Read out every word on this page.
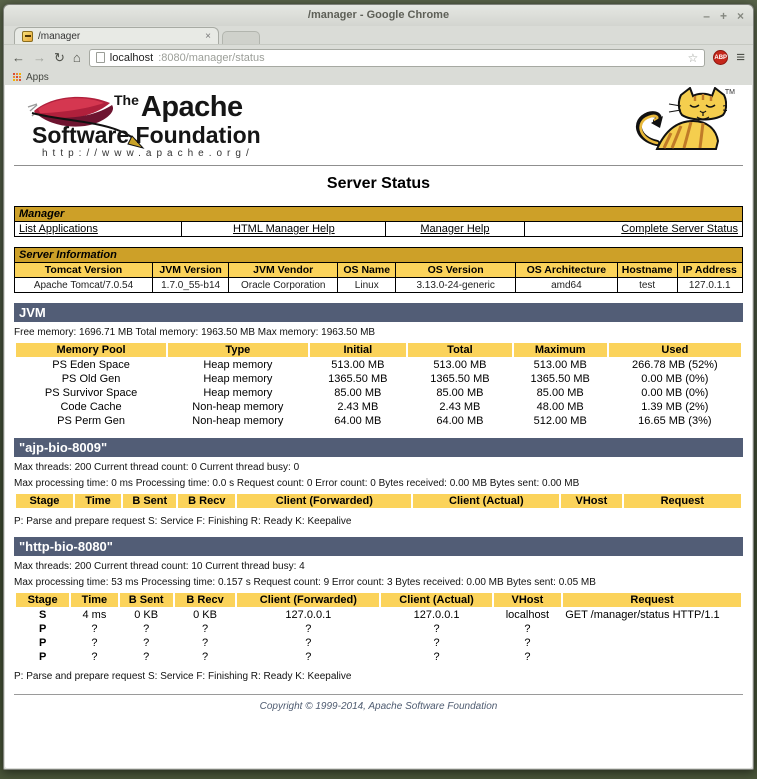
/manager - Google Chrome	– + ×
/manager	×
← → ↻ ⌂	localhost :8080/manager/status	☆	ABP ≡
Apps
TheApache
Software Foundation
http://www.apache.org/
TM
Server Status
Manager
List Applications	HTML Manager Help	Manager Help	Complete Server Status
Server Information							
Tomcat Version	JVM Version	JVM Vendor	OS Name	OS Version	OS Architecture	Hostname	IP Address
Apache Tomcat/7.0.54	1.7.0_55-b14	Oracle Corporation	Linux	3.13.0-24-generic	amd64	test	127.0.1.1
JVM
Free memory: 1696.71 MB Total memory: 1963.50 MB Max memory: 1963.50 MB
Memory Pool	Type	Initial	Total	Maximum	Used
PS Eden Space	Heap memory	513.00 MB	513.00 MB	513.00 MB	266.78 MB (52%)
PS Old Gen	Heap memory	1365.50 MB	1365.50 MB	1365.50 MB	0.00 MB (0%)
PS Survivor Space	Heap memory	85.00 MB	85.00 MB	85.00 MB	0.00 MB (0%)
Code Cache	Non-heap memory	2.43 MB	2.43 MB	48.00 MB	1.39 MB (2%)
PS Perm Gen	Non-heap memory	64.00 MB	64.00 MB	512.00 MB	16.65 MB (3%)
"ajp-bio-8009"
Max threads: 200 Current thread count: 0 Current thread busy: 0
Max processing time: 0 ms Processing time: 0.0 s Request count: 0 Error count: 0 Bytes received: 0.00 MB Bytes sent: 0.00 MB
Stage	Time	B Sent	B Recv	Client (Forwarded)	Client (Actual)	VHost	Request
P: Parse and prepare request S: Service F: Finishing R: Ready K: Keepalive
"http-bio-8080"
Max threads: 200 Current thread count: 10 Current thread busy: 4
Max processing time: 53 ms Processing time: 0.157 s Request count: 9 Error count: 3 Bytes received: 0.00 MB Bytes sent: 0.05 MB
Stage	Time	B Sent	B Recv	Client (Forwarded)	Client (Actual)	VHost	Request
S	4 ms	0 KB	0 KB	127.0.0.1	127.0.0.1	localhost	GET /manager/status HTTP/1.1
P	?	?	?	?	?	?	
P	?	?	?	?	?	?	
P	?	?	?	?	?	?	
P: Parse and prepare request S: Service F: Finishing R: Ready K: Keepalive
Copyright © 1999-2014, Apache Software Foundation
